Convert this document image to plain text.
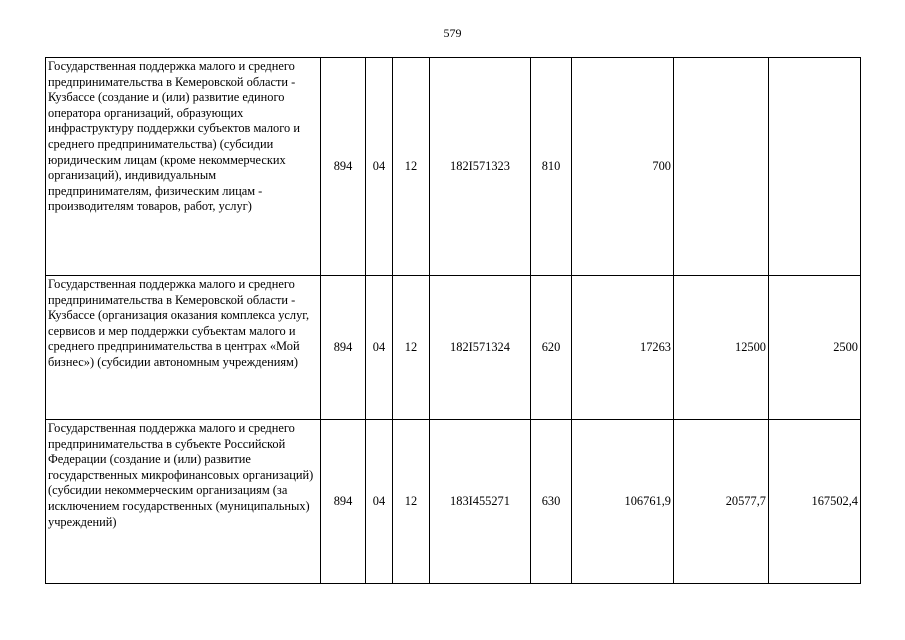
579
Государственная поддержка малого и среднего предпринимательства в Кемеровской области - Кузбассе (создание и (или) развитие единого оператора организаций, образующих инфраструктуру поддержки субъектов малого и среднего предпринимательства) (субсидии юридическим лицам (кроме некоммерческих организаций), индивидуальным предпринимателям, физическим лицам - производителям товаров, работ, услуг)	894	04	12	182I571323	810	700		
Государственная поддержка малого и среднего предпринимательства в Кемеровской области - Кузбассе (организация оказания комплекса услуг, сервисов и мер поддержки субъектам малого и среднего предпринимательства в центрах «Мой бизнес») (субсидии автономным учреждениям)	894	04	12	182I571324	620	17263	12500	2500
Государственная поддержка малого и среднего предпринимательства в субъекте Российской Федерации (создание и (или) развитие государственных микрофинансовых организаций) (субсидии некоммерческим организациям (за исключением государственных (муниципальных) учреждений)	894	04	12	183I455271	630	106761,9	20577,7	167502,4
